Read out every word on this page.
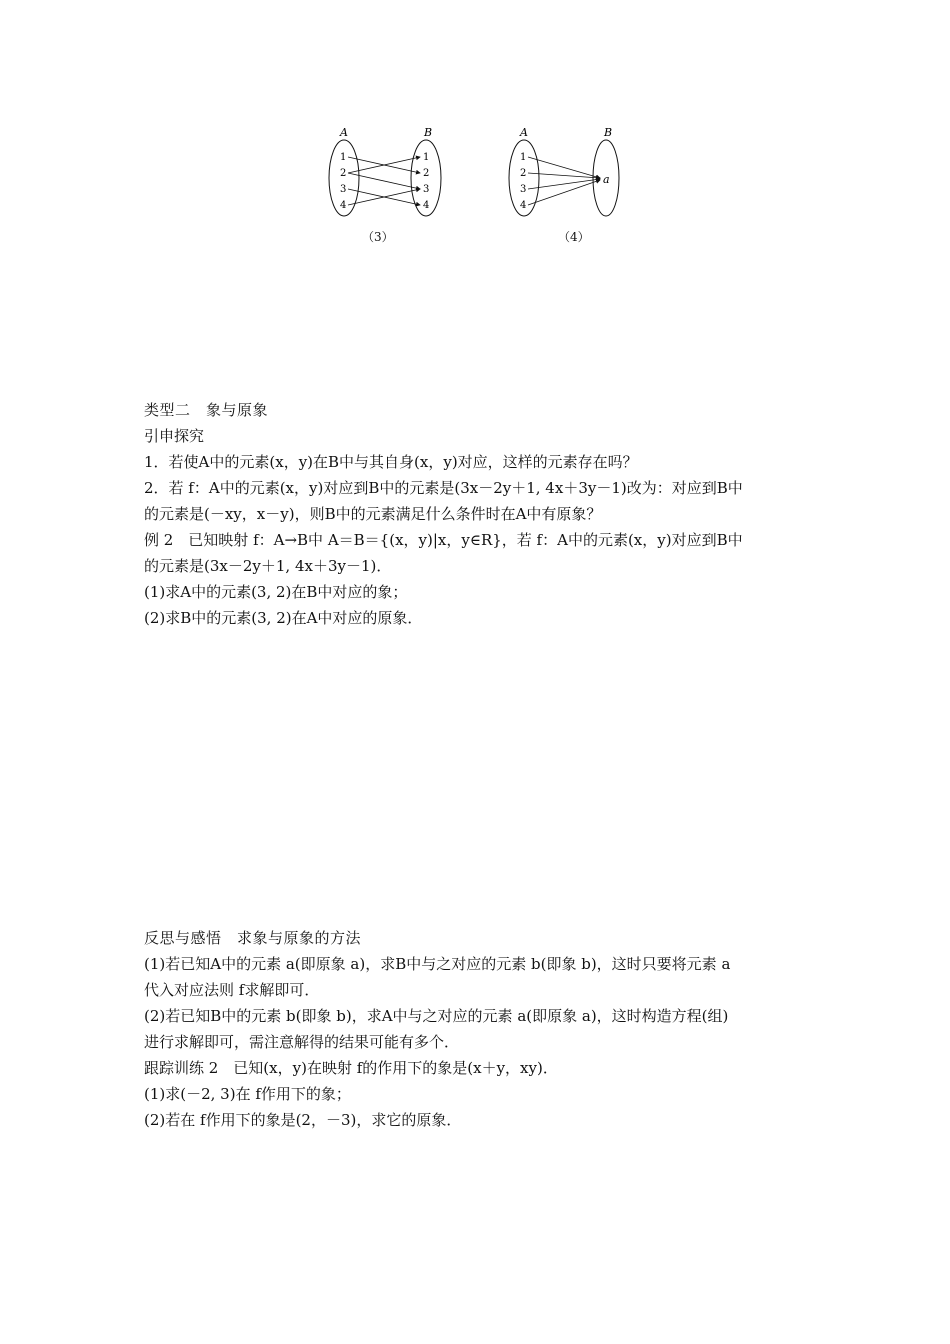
A	B
1
2
3
4
1
2
3
4
（3）
A	B
1
2
3
4
a
（4）

类型二　象与原象

引申探究

1．若使A中的元素(x，y)在B中与其自身(x，y)对应，这样的元素存在吗？

2．若 f：A中的元素(x，y)对应到B中的元素是(3x－2y＋1, 4x＋3y－1)改为：对应到B中

的元素是(－xy，x－y)，则B中的元素满足什么条件时在A中有原象？

例 2　已知映射 f：A→B中 A＝B＝{(x，y)|x，y∈R}，若 f：A中的元素(x，y)对应到B中

的元素是(3x－2y＋1, 4x＋3y－1)．

(1)求A中的元素(3, 2)在B中对应的象；

(2)求B中的元素(3, 2)在A中对应的原象．

反思与感悟　求象与原象的方法

(1)若已知A中的元素 a(即原象 a)，求B中与之对应的元素 b(即象 b)，这时只要将元素 a

代入对应法则 f求解即可．

(2)若已知B中的元素 b(即象 b)，求A中与之对应的元素 a(即原象 a)，这时构造方程(组)

进行求解即可，需注意解得的结果可能有多个．

跟踪训练 2　已知(x，y)在映射 f的作用下的象是(x＋y，xy)．

(1)求(－2, 3)在 f作用下的象；

(2)若在 f作用下的象是(2，－3)，求它的原象．
